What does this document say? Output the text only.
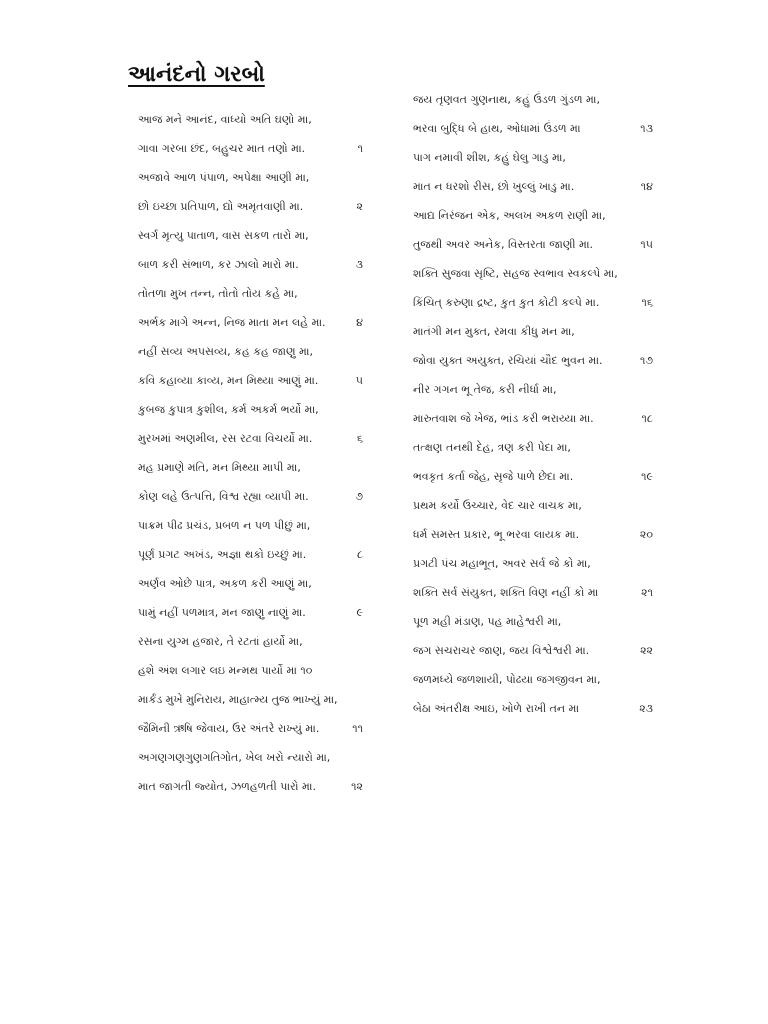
આનંદનો ગરબો
આજ મને આનંદ, વાધ્યો અતિ ઘણો મા,
ગાવા ગરબા છંદ, બહુચર માત તણો મા.	૧
અજાવે આળ પંપાળ, અપેક્ષા આણી મા,
છો ઇચ્છા પ્રતિપાળ, દ્યો અમૃતવાણી મા.	૨
સ્વર્ગ મૃત્યુ પાતાળ, વાસ સકળ તારો મા,
બાળ કરી સંભાળ, કર ઝાલો મારો મા.	૩
તોતળા મુખ તન્ન, તોતો તોય કહે મા,
અર્ભક માગે અન્ન, નિજ માતા મન લહે મા.	૪
નહીં સવ્ય અપસવ્ય, કહ કહ જાણુ મા,
કવિ કહાવ્યા કાવ્ય, મન મિથ્યા આણું મા.	૫
કુબજ કુપાત્ર કુશીલ, કર્મ અકર્મ ભર્યો મા,
મુરખમાં અણમીલ, રસ રટવા વિચર્યો મા.	૬
મહ પ્રમાણે મતિ, મન મિથ્યા માપી મા,
કોણ લહે ઉત્પત્તિ, વિશ્વ રહ્યા વ્યાપી મા.	૭
પાક્રમ પીઢ પ્રચંડ, પ્રબળ ન પળ પીછું મા,
પૂર્ણ પ્રગટ અખંડ, અજ્ઞા થકો ઇચ્છું મા.	૮
અર્ણવ ઓછે પાત્ર, અકળ કરી આણું મા,
પામું નહીં પળમાત્ર, મન જાણુ નાણું મા.	૯
રસના યુગ્મ હજાર, તે રટતાં હાર્યો મા,
હશે અંશ લગાર લઇ મન્મથ પાર્યો મા ૧૦
માર્કંડ મુખે મુનિરાય, માહાત્મ્ય તુજ ભાખ્યું મા,
જૈમિની ઋષિ જેવાય, ઉર અંતરે રાખ્યું મા.	૧૧
અગણગણગુણગતિગોત, ખેલ ખરો ન્યારો મા,
માત જાગતી જ્યોત, ઝળહળતી પારો મા.	૧૨
જય તૃણવત ગુણનાથ, કહું ઉંડળ ગુંડળ મા,
ભરવા બુદ્ધિ બે હાથ, ઓધામાં ઉંડળ મા	૧૩
પાગ નમાવી શીશ, કહું ઘેલુ ગાડુ મા,
માત ન ધરશો રીસ, છો ખુલ્લું ખાડુ મા.	૧૪
આદ્ય નિરંજન એક, અલખ અકળ રાણી મા,
તુજથી અવર અનેક, વિસ્તરતા જાણી મા.	૧૫
શક્તિ સુજવા સૃષ્ટિ, સહજ સ્વભાવ સ્વકલ્પે મા,
કિંચિત્ કરુણા દ્રષ્ટ, કુત કુત કોટી કલ્પે મા.	૧૬
માતંગી મન મુક્ત, રમવા કીધુ મન મા,
જોવા યુક્ત અયુક્ત, રચિયાં ચૌદ ભુવન મા.	૧૭
નીર ગગન ભૂ તેજ, કરી નીર્ધા મા,
મારુતવાશ જે ખેજ, ભાંડ કરી ભરાય્યા મા.	૧૮
તત્ક્ષણ તનથી દેહ, ત્રણ કરી પેદા મા,
ભવકૃત કર્તા જેહ, સૃજે પાળે છેદા મા.	૧૯
પ્રથમ કર્યો ઉચ્ચાર, વેદ ચાર વાચક મા,
ધર્મ સમસ્ત પ્રકાર, ભૂ ભરવા લાયક મા.	૨૦
પ્રગટી પંચ મહાભૂત, અવર સર્વ જે કો મા,
શક્તિ સર્વ સંયુક્ત, શક્તિ વિણ નહીં કો મા	૨૧
પૂળ મહી મંડાણ, પહ માહેશ્વરી મા,
જગ સચરાચર જાણ, જય વિશ્વેશ્વરી મા.	૨૨
જળમધ્યે જળશાયી, પોઢયા જગજીવન મા,
બેઠા અંતરીક્ષ આઇ, ખોળે રાખી તન મા	૨૩
